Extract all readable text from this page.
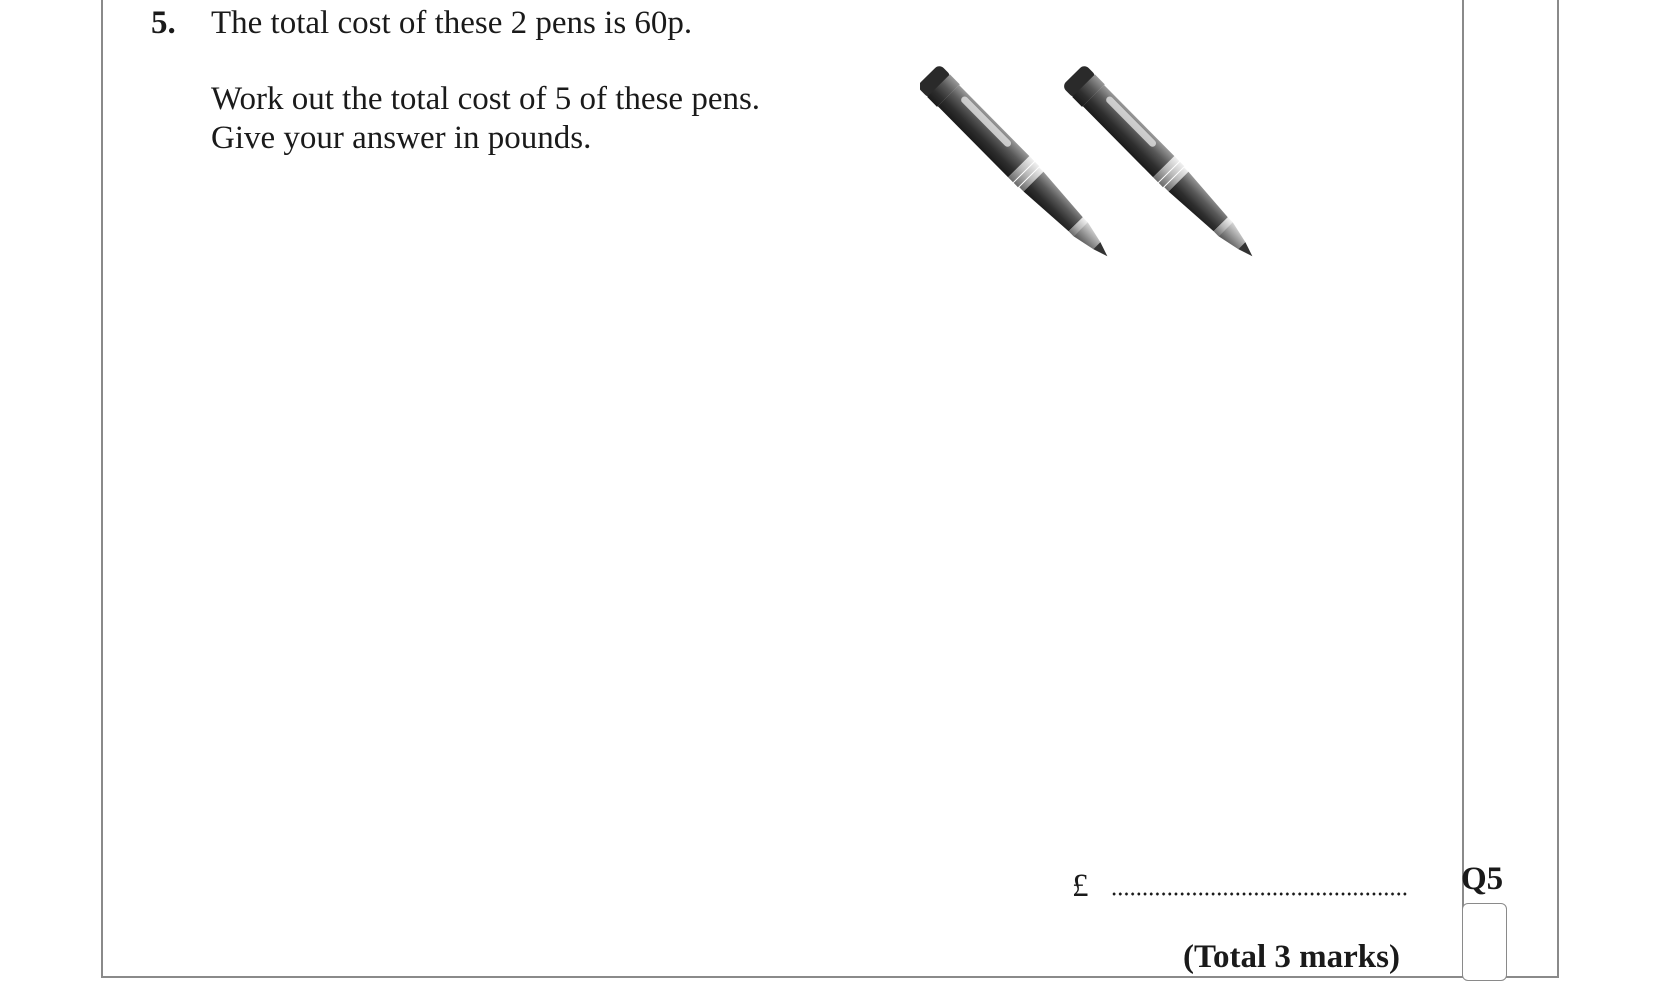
5. The total cost of these 2 pens is 60p.
Work out the total cost of 5 of these pens.
Give your answer in pounds.
£
(Total 3 marks)
Q5
